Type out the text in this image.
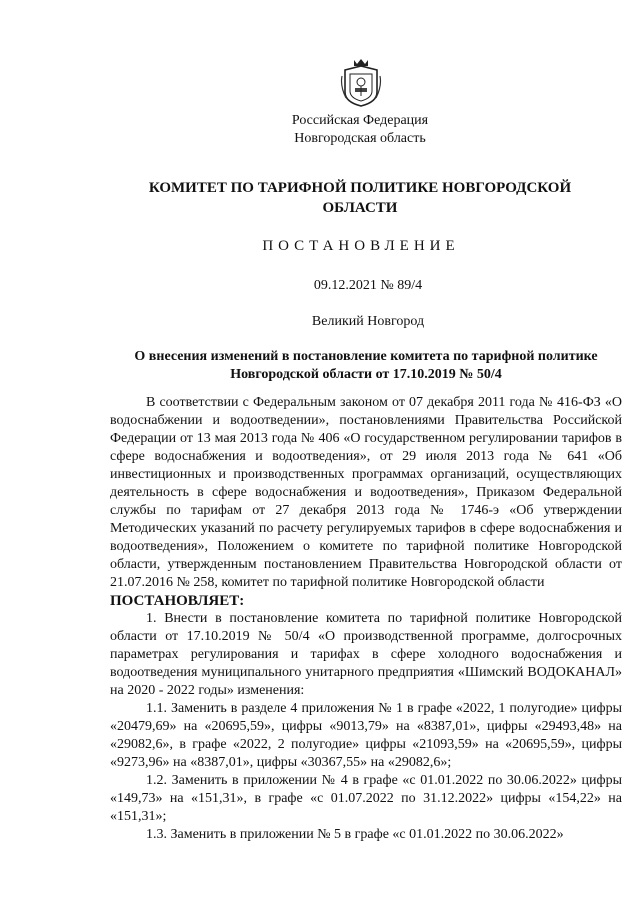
Российская Федерация
Новгородская область
КОМИТЕТ ПО ТАРИФНОЙ ПОЛИТИКЕ НОВГОРОДСКОЙ
ОБЛАСТИ
ПОСТАНОВЛЕНИЕ
09.12.2021 № 89/4
Великий Новгород
О внесения изменений в постановление комитета по тарифной политике
Новгородской области от 17.10.2019 № 50/4

В соответствии с Федеральным законом от 07 декабря 2011 года № 416-ФЗ «О водоснабжении и водоотведении», постановлениями Правительства Российской Федерации от 13 мая 2013 года № 406 «О государственном регулировании тарифов в сфере водоснабжения и водоотведения», от 29 июля 2013 года № 641 «Об инвестиционных и производственных программах организаций, осуществляющих деятельность в сфере водоснабжения и водоотведения», Приказом Федеральной службы по тарифам от 27 декабря 2013 года № 1746-э «Об утверждении Методических указаний по расчету регулируемых тарифов в сфере водоснабжения и водоотведения», Положением о комитете по тарифной политике Новгородской области, утвержденным постановлением Правительства Новгородской области от 21.07.2016 № 258, комитет по тарифной политике Новгородской области

ПОСТАНОВЛЯЕТ:

1. Внести в постановление комитета по тарифной политике Новгородской области от 17.10.2019 № 50/4 «О производственной программе, долгосрочных параметрах регулирования и тарифах в сфере холодного водоснабжения и водоотведения муниципального унитарного предприятия «Шимский ВОДОКАНАЛ» на 2020 - 2022 годы» изменения:

1.1. Заменить в разделе 4 приложения № 1 в графе «2022, 1 полугодие» цифры «20479,69» на «20695,59», цифры «9013,79» на «8387,01», цифры «29493,48» на «29082,6», в графе «2022, 2 полугодие» цифры «21093,59» на «20695,59», цифры «9273,96» на «8387,01», цифры «30367,55» на «29082,6»;

1.2. Заменить в приложении № 4 в графе «с 01.01.2022 по 30.06.2022» цифры «149,73» на «151,31», в графе «с 01.07.2022 по 31.12.2022» цифры «154,22» на «151,31»;

1.3. Заменить в приложении № 5 в графе «с 01.01.2022 по 30.06.2022»
